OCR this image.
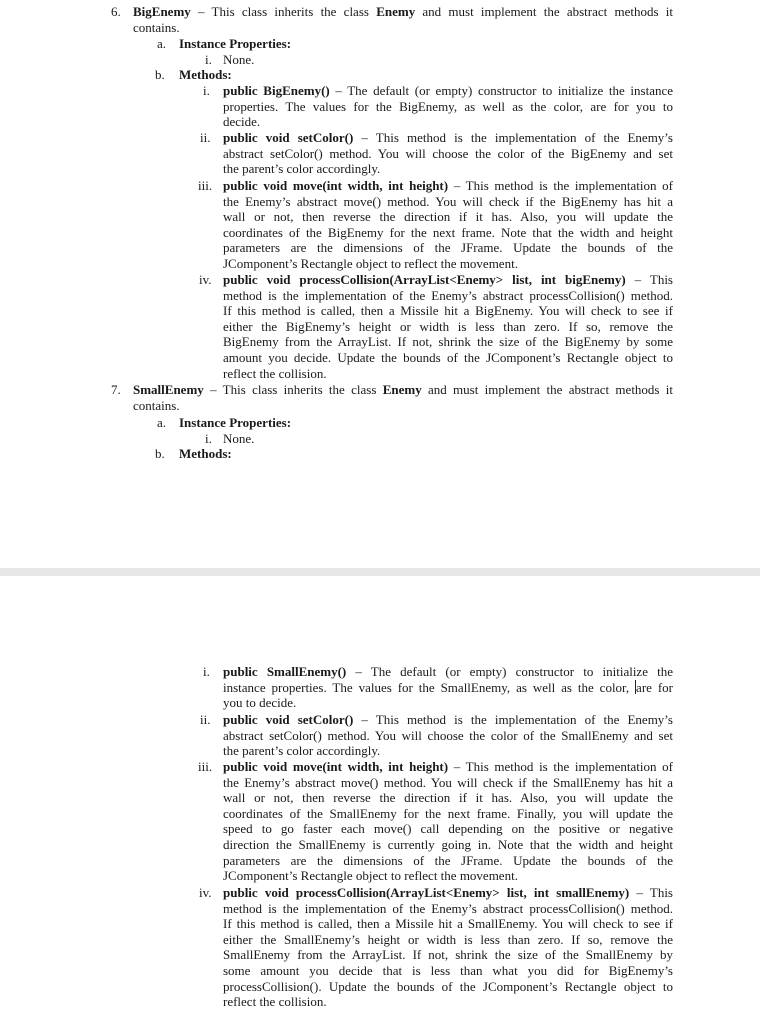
6. BigEnemy – This class inherits the class Enemy and must implement the abstract methods it
contains.
a. Instance Properties:
i. None.
b. Methods:
i. public BigEnemy() – The default (or empty) constructor to initialize the instance
properties. The values for the BigEnemy, as well as the color, are for you to
decide.
ii. public void setColor() – This method is the implementation of the Enemy’s
abstract setColor() method. You will choose the color of the BigEnemy and set
the parent’s color accordingly.
iii. public void move(int width, int height) – This method is the implementation of
the Enemy’s abstract move() method. You will check if the BigEnemy has hit a
wall or not, then reverse the direction if it has. Also, you will update the
coordinates of the BigEnemy for the next frame. Note that the width and height
parameters are the dimensions of the JFrame. Update the bounds of the
JComponent’s Rectangle object to reflect the movement.
iv. public void processCollision(ArrayList<Enemy> list, int bigEnemy) – This
method is the implementation of the Enemy’s abstract processCollision() method.
If this method is called, then a Missile hit a BigEnemy. You will check to see if
either the BigEnemy’s height or width is less than zero. If so, remove the
BigEnemy from the ArrayList. If not, shrink the size of the BigEnemy by some
amount you decide. Update the bounds of the JComponent’s Rectangle object to
reflect the collision.
7. SmallEnemy – This class inherits the class Enemy and must implement the abstract methods it
contains.
a. Instance Properties:
i. None.
b. Methods:
i. public SmallEnemy() – The default (or empty) constructor to initialize the
instance properties. The values for the SmallEnemy, as well as the color, are for
you to decide.
ii. public void setColor() – This method is the implementation of the Enemy’s
abstract setColor() method. You will choose the color of the SmallEnemy and set
the parent’s color accordingly.
iii. public void move(int width, int height) – This method is the implementation of
the Enemy’s abstract move() method. You will check if the SmallEnemy has hit a
wall or not, then reverse the direction if it has. Also, you will update the
coordinates of the SmallEnemy for the next frame. Finally, you will update the
speed to go faster each move() call depending on the positive or negative
direction the SmallEnemy is currently going in. Note that the width and height
parameters are the dimensions of the JFrame. Update the bounds of the
JComponent’s Rectangle object to reflect the movement.
iv. public void processCollision(ArrayList<Enemy> list, int smallEnemy) – This
method is the implementation of the Enemy’s abstract processCollision() method.
If this method is called, then a Missile hit a SmallEnemy. You will check to see if
either the SmallEnemy’s height or width is less than zero. If so, remove the
SmallEnemy from the ArrayList. If not, shrink the size of the SmallEnemy by
some amount you decide that is less than what you did for BigEnemy’s
processCollision(). Update the bounds of the JComponent’s Rectangle object to
reflect the collision.
